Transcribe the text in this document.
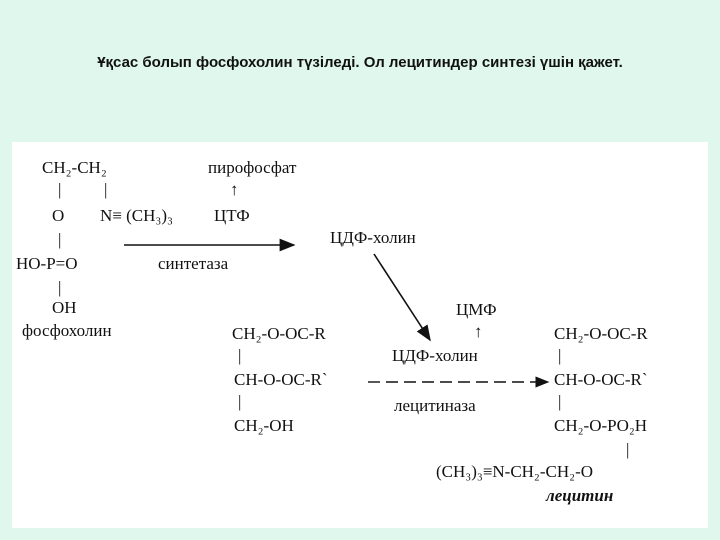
Ұқсас болып фосфохолин түзіледі. Ол лецитиндер синтезі үшін қажет.
CH₂-CH₂
|	|
O N≡ (CH₃)₃
|
HO-P=O
|
OH
фосфохолин
пирофосфат
↑
ЦТФ
синтетаза
ЦДФ-холин
CH₂-O-OC-R
|
CH-O-OC-R`
|
CH₂-OH
ЦМФ
↑
ЦДФ-холин
лецитиназа
CH₂-O-OC-R
|
CH-O-OC-R`
|
CH₂-O-PO₂H
|
(CH₃)₃≡N-CH₂-CH₂-O
лецитин
